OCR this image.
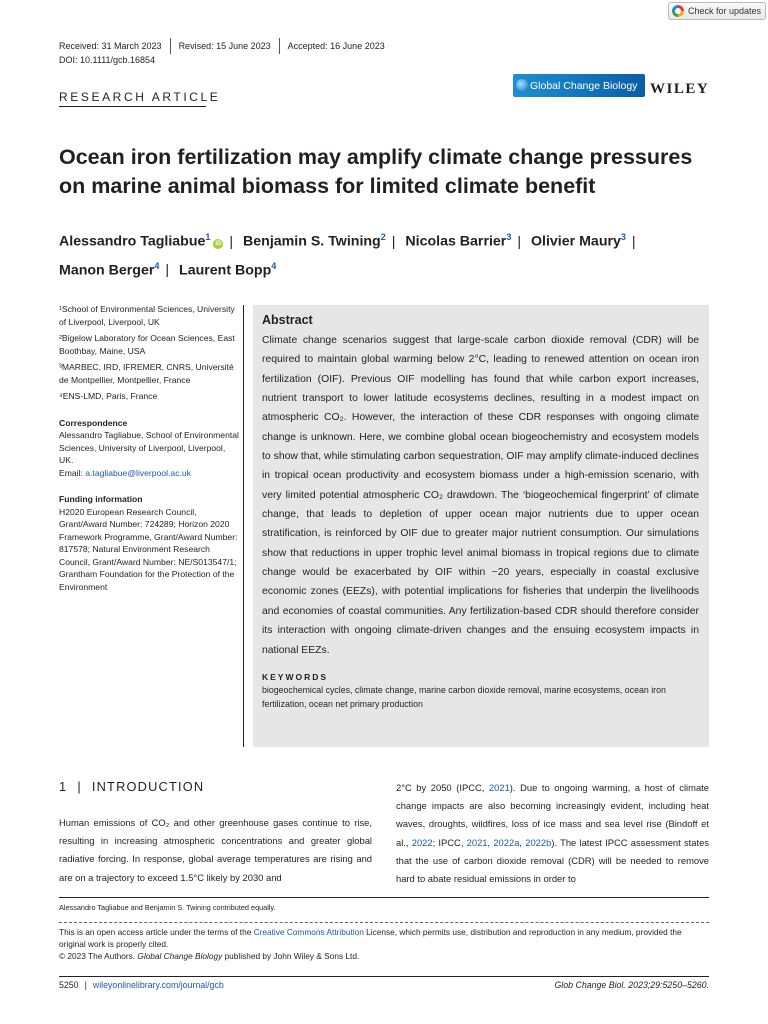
Check for updates
Received: 31 March 2023 Revised: 15 June 2023 Accepted: 16 June 2023
DOI: 10.1111/gcb.16854
RESEARCH ARTICLE
Global Change Biology WILEY
Ocean iron fertilization may amplify climate change pressures on marine animal biomass for limited climate benefit
Alessandro Tagliabue$^1$iD | Benjamin S. Twining$^2$ | Nicolas Barrier$^3$ | Olivier Maury$^3$ |
Manon Berger$^4$ | Laurent Bopp$^4$
¹School of Environmental Sciences, University of Liverpool, Liverpool, UK
²Bigelow Laboratory for Ocean Sciences, East Boothbay, Maine, USA
³MARBEC, IRD, IFREMER, CNRS, Université de Montpellier, Montpellier, France
⁴ENS-LMD, Paris, France
Correspondence
Alessandro Tagliabue, School of Environmental Sciences, University of Liverpool, Liverpool, UK.
Email: a.tagliabue@liverpool.ac.uk
Funding information
H2020 European Research Council, Grant/Award Number: 724289; Horizon 2020 Framework Programme, Grant/Award Number: 817578; Natural Environment Research Council, Grant/Award Number: NE/S013547/1; Grantham Foundation for the Protection of the Environment
Abstract

Climate change scenarios suggest that large-scale carbon dioxide removal (CDR) will be required to maintain global warming below 2°C, leading to renewed attention on ocean iron fertilization (OIF). Previous OIF modelling has found that while carbon export increases, nutrient transport to lower latitude ecosystems declines, resulting in a modest impact on atmospheric CO₂. However, the interaction of these CDR responses with ongoing climate change is unknown. Here, we combine global ocean biogeochemistry and ecosystem models to show that, while stimulating carbon sequestration, OIF may amplify climate-induced declines in tropical ocean productivity and ecosystem biomass under a high-emission scenario, with very limited potential atmospheric CO₂ drawdown. The ‘biogeochemical fingerprint’ of climate change, that leads to depletion of upper ocean major nutrients due to upper ocean stratification, is reinforced by OIF due to greater major nutrient consumption. Our simulations show that reductions in upper trophic level animal biomass in tropical regions due to climate change would be exacerbated by OIF within ~20 years, especially in coastal exclusive economic zones (EEZs), with potential implications for fisheries that underpin the livelihoods and economies of coastal communities. Any fertilization-based CDR should therefore consider its interaction with ongoing climate-driven changes and the ensuing ecosystem impacts in national EEZs.

KEYWORDS
biogeochemical cycles, climate change, marine carbon dioxide removal, marine ecosystems, ocean iron fertilization, ocean net primary production
1 | INTRODUCTION

Human emissions of CO₂ and other greenhouse gases continue to rise, resulting in increasing atmospheric concentrations and greater global radiative forcing. In response, global average temperatures are rising and are on a trajectory to exceed 1.5°C likely by 2030 and

2°C by 2050 (IPCC, 2021). Due to ongoing warming, a host of climate change impacts are also becoming increasingly evident, including heat waves, droughts, wildfires, loss of ice mass and sea level rise (Bindoff et al., 2022; IPCC, 2021, 2022a, 2022b). The latest IPCC assessment states that the use of carbon dioxide removal (CDR) will be needed to remove hard to abate residual emissions in order to

Alessandro Tagliabue and Benjamin S. Twining contributed equally.
This is an open access article under the terms of the Creative Commons Attribution License, which permits use, distribution and reproduction in any medium, provided the original work is properly cited.
© 2023 The Authors. Global Change Biology published by John Wiley & Sons Ltd.
5250 | wileyonlinelibrary.com/journal/gcb	Glob Change Biol. 2023;29:5250–5260.
